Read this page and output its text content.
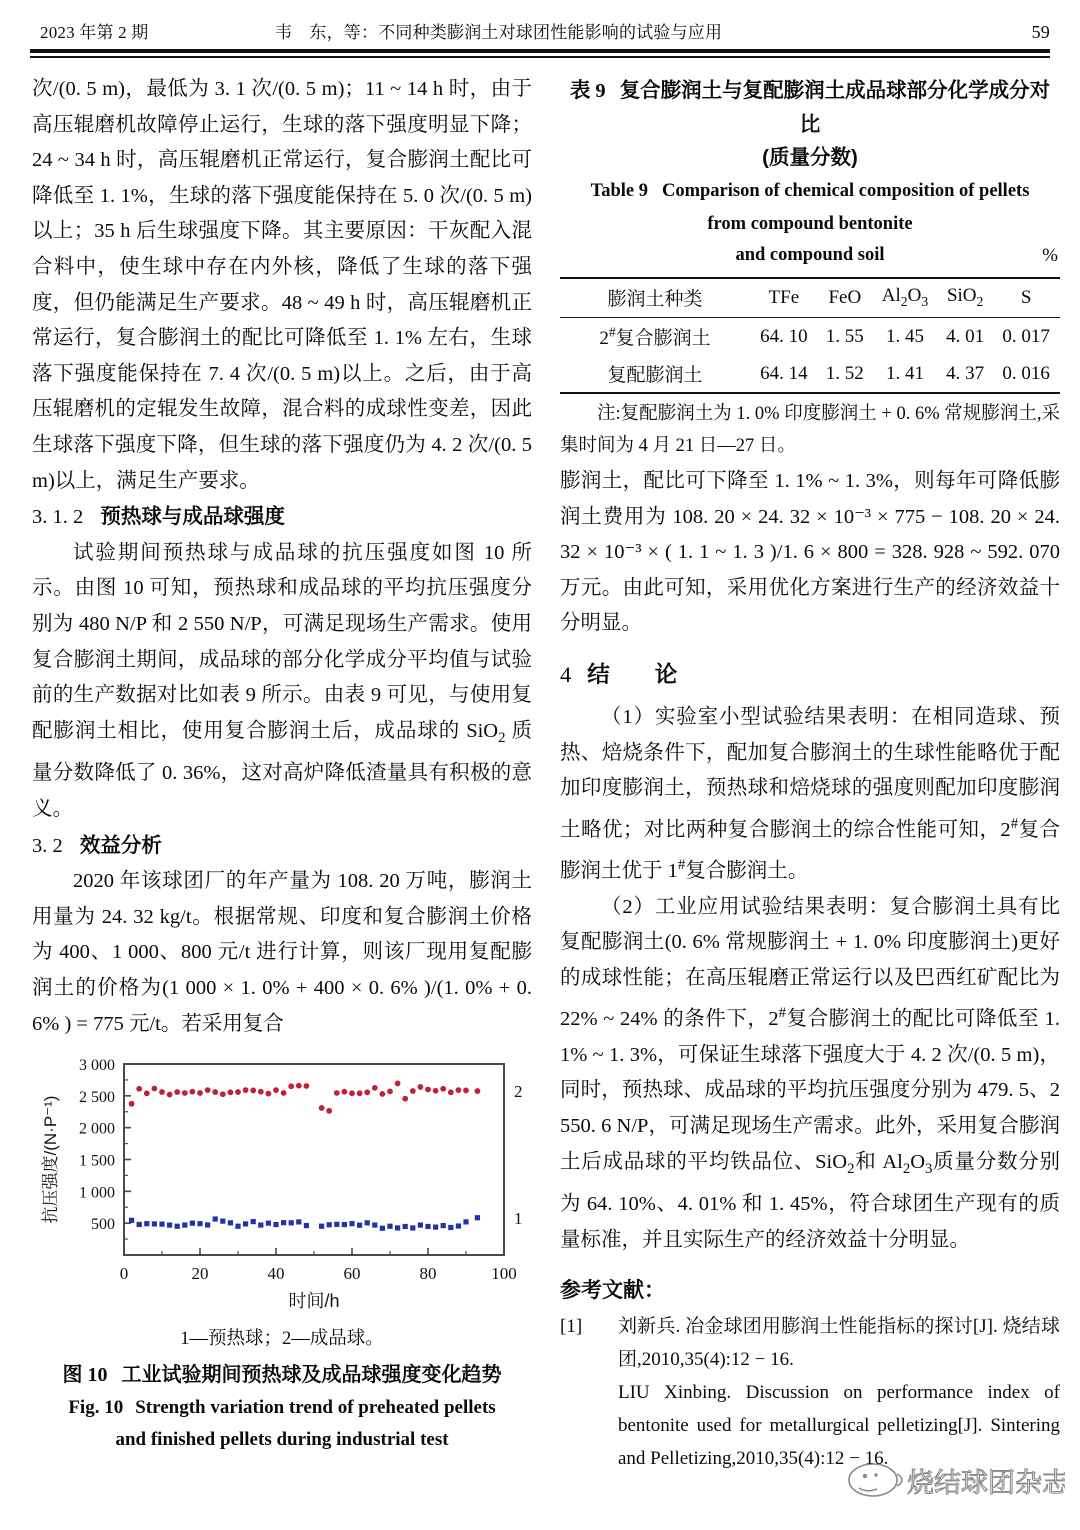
2023 年第 2 期	韦　东，等：不同种类膨润土对球团性能影响的试验与应用	59

次/(0. 5 m)，最低为 3. 1 次/(0. 5 m)；11 ~ 14 h 时，由于高压辊磨机故障停止运行，生球的落下强度明显下降；24 ~ 34 h 时，高压辊磨机正常运行，复合膨润土配比可降低至 1. 1%，生球的落下强度能保持在 5. 0 次/(0. 5 m)以上；35 h 后生球强度下降。其主要原因：干灰配入混合料中，使生球中存在内外核，降低了生球的落下强度，但仍能满足生产要求。48 ~ 49 h 时，高压辊磨机正常运行，复合膨润土的配比可降低至 1. 1% 左右，生球落下强度能保持在 7. 4 次/(0. 5 m)以上。之后，由于高压辊磨机的定辊发生故障，混合料的成球性变差，因此生球落下强度下降，但生球的落下强度仍为 4. 2 次/(0. 5 m)以上，满足生产要求。

3. 1. 2 预热球与成品球强度

试验期间预热球与成品球的抗压强度如图 10 所示。由图 10 可知，预热球和成品球的平均抗压强度分别为 480 N/P 和 2 550 N/P，可满足现场生产需求。使用复合膨润土期间，成品球的部分化学成分平均值与试验前的生产数据对比如表 9 所示。由表 9 可见，与使用复配膨润土相比，使用复合膨润土后，成品球的 SiO$_2$ 质量分数降低了 0. 36%，这对高炉降低渣量具有积极的意义。

3. 2 效益分析

2020 年该球团厂的年产量为 108. 20 万吨，膨润土用量为 24. 32 kg/t。根据常规、印度和复合膨润土价格为 400、1 000、800 元/t 进行计算，则该厂现用复配膨润土的价格为(1 000 × 1. 0% + 400 × 0. 6% )/(1. 0% + 0. 6% ) = 775 元/t。若采用复合

500
1 000
1 500
2 000
2 500
3 000
0	20	40	60	80	100
时间/h
抗压强度/(N·P⁻¹)	1
2
1—预热球；2—成品球。
图 10 工业试验期间预热球及成品球强度变化趋势
Fig. 10 Strength variation trend of preheated pellets
and finished pellets during industrial test
表 9 复合膨润土与复配膨润土成品球部分化学成分对比
(质量分数)
Table 9 Comparison of chemical composition of pellets
from compound bentonite
and compound soil	%
膨润土种类	TFe	FeO	$Al_2O_3$	SiO$_2$	S
2#复合膨润土	64. 10	1. 55	1. 45	4. 01	0. 017
复配膨润土	64. 14	1. 52	1. 41	4. 37	0. 016
注:复配膨润土为 1. 0% 印度膨润土 + 0. 6% 常规膨润土,采集时间为 4 月 21 日—27 日。

膨润土，配比可下降至 1. 1% ~ 1. 3%，则每年可降低膨润土费用为 108. 20 × 24. 32 × 10⁻³ × 775 − 108. 20 × 24. 32 × 10⁻³ × ( 1. 1 ~ 1. 3 )/1. 6 × 800 = 328. 928 ~ 592. 070 万元。由此可知，采用优化方案进行生产的经济效益十分明显。

4 结　　论

（1）实验室小型试验结果表明：在相同造球、预热、焙烧条件下，配加复合膨润土的生球性能略优于配加印度膨润土，预热球和焙烧球的强度则配加印度膨润土略优；对比两种复合膨润土的综合性能可知，2#复合膨润土优于 1#复合膨润土。

（2）工业应用试验结果表明：复合膨润土具有比复配膨润土(0. 6% 常规膨润土 + 1. 0% 印度膨润土)更好的成球性能；在高压辊磨正常运行以及巴西红矿配比为 22% ~ 24% 的条件下，2#复合膨润土的配比可降低至 1. 1% ~ 1. 3%，可保证生球落下强度大于 4. 2 次/(0. 5 m)，同时，预热球、成品球的平均抗压强度分别为 479. 5、2 550. 6 N/P，可满足现场生产需求。此外，采用复合膨润土后成品球的平均铁品位、SiO$_2$和 $Al_2O_3$质量分数分别为 64. 10%、4. 01% 和 1. 45%，符合球团生产现有的质量标准，并且实际生产的经济效益十分明显。

参考文献：
[1]	刘新兵. 冶金球团用膨润土性能指标的探讨[J]. 烧结球团,2010,35(4):12 − 16.
LIU Xinbing. Discussion on performance index of bentonite used for metallurgical pelletizing[J]. Sintering and Pelletizing,2010,35(4):12 − 16.
烧结球团杂志
